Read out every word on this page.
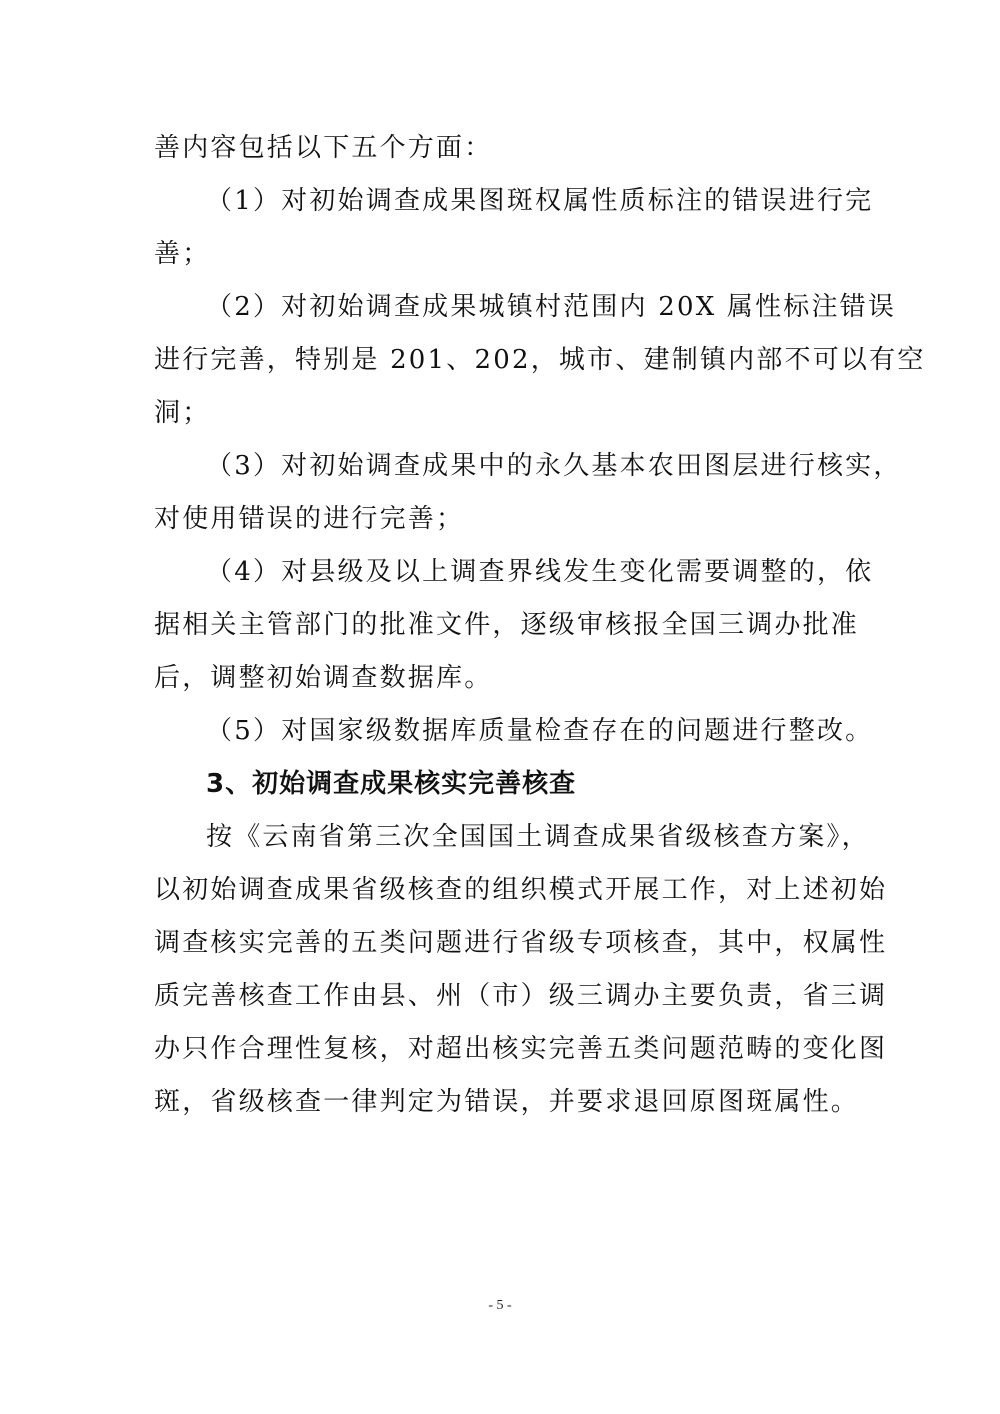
善内容包括以下五个方面：
（1）对初始调查成果图斑权属性质标注的错误进行完
善；
（2）对初始调查成果城镇村范围内 20X 属性标注错误
进行完善，特别是 201、202，城市、建制镇内部不可以有空
洞；
（3）对初始调查成果中的永久基本农田图层进行核实，
对使用错误的进行完善；
（4）对县级及以上调查界线发生变化需要调整的，依
据相关主管部门的批准文件，逐级审核报全国三调办批准
后，调整初始调查数据库。
（5）对国家级数据库质量检查存在的问题进行整改。
3、初始调查成果核实完善核查
按《云南省第三次全国国土调查成果省级核查方案》，
以初始调查成果省级核查的组织模式开展工作，对上述初始
调查核实完善的五类问题进行省级专项核查，其中，权属性
质完善核查工作由县、州（市）级三调办主要负责，省三调
办只作合理性复核，对超出核实完善五类问题范畴的变化图
斑，省级核查一律判定为错误，并要求退回原图斑属性。
- 5 -
